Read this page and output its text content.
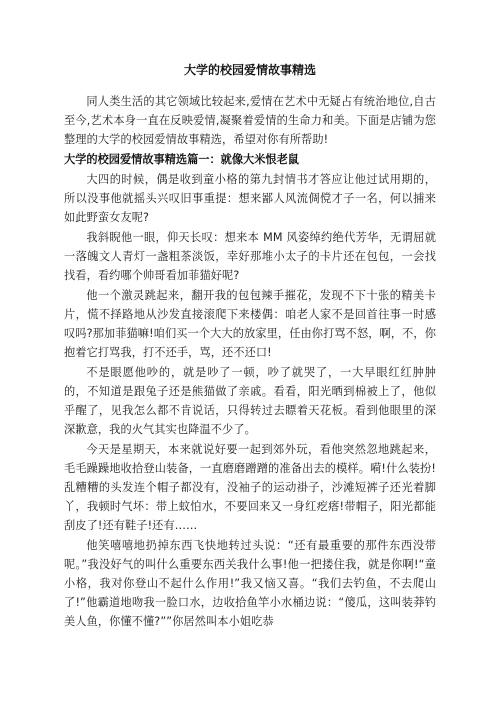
大学的校园爱情故事精选

同人类生活的其它领域比较起来,爱情在艺术中无疑占有统治地位,自古至今,艺术本身一直在反映爱情,凝聚着爱情的生命力和美。下面是店铺为您整理的大学的校园爱情故事精选，希望对你有所帮助!

大学的校园爱情故事精选篇一：就像大米恨老鼠

大四的时候，偶是收到童小格的第九封情书才答应让他过试用期的，所以没事他就摇头兴叹旧事重提：想来鄙人风流倜傥才子一名，何以捕来如此野蛮女友呢?

我斜睨他一眼，仰天长叹：想来本 MM 风姿绰约绝代芳华，无谓屈就一落魄文人青灯一盏粗茶淡饭，幸好那堆小太子的卡片还在包包，一会找找看，看约哪个帅哥看加菲猫好呢?

他一个激灵跳起来，翻开我的包包辣手摧花，发现不下十张的精美卡片，慌不择路地从沙发直接滚爬下来楼偶：咱老人家不是回首往事一时感叹吗?那加菲猫嘛!咱们买一个大大的放家里，任由你打骂不怒，啊，不，你抱着它打骂我，打不还手，骂，还不还口!

不是眼愿他吵的，就是吵了一顿，吵了就哭了，一大早眼红红肿肿的，不知道是跟兔子还是熊猫做了亲戚。看看，阳光晒到棉被上了，他似乎醒了，见我怎么都不肯说话，只得转过去瞟着天花板。看到他眼里的深深歉意，我的火气其实也降温不少了。

今天是星期天，本来就说好要一起到郊外玩，看他突然忽地跳起来，毛毛躁躁地收拾登山装备，一直磨磨蹭蹭的准备出去的模样。嗬!什么装扮!乱糟糟的头发连个帽子都没有，没袖子的运动褂子，沙滩短裤子还光着脚丫，我顿时气坏：带上蚊怕水，不要回来又一身红疙瘩!带帽子，阳光都能刮皮了!还有鞋子!还有……

他笑嘻嘻地扔掉东西飞快地转过头说：“还有最重要的那件东西没带呢。”我没好气的叫什么重要东西关我什么事!他一把搂住我，就是你啊!“童小格，我对你登山不起什么作用!”我又恼又喜。“我们去钓鱼，不去爬山了!”他霸道地吻我一脸口水，边收拾鱼竿小水桶边说：“傻瓜，这叫装莽钓美人鱼，你懂不懂?””你居然叫本小姐吃恭
